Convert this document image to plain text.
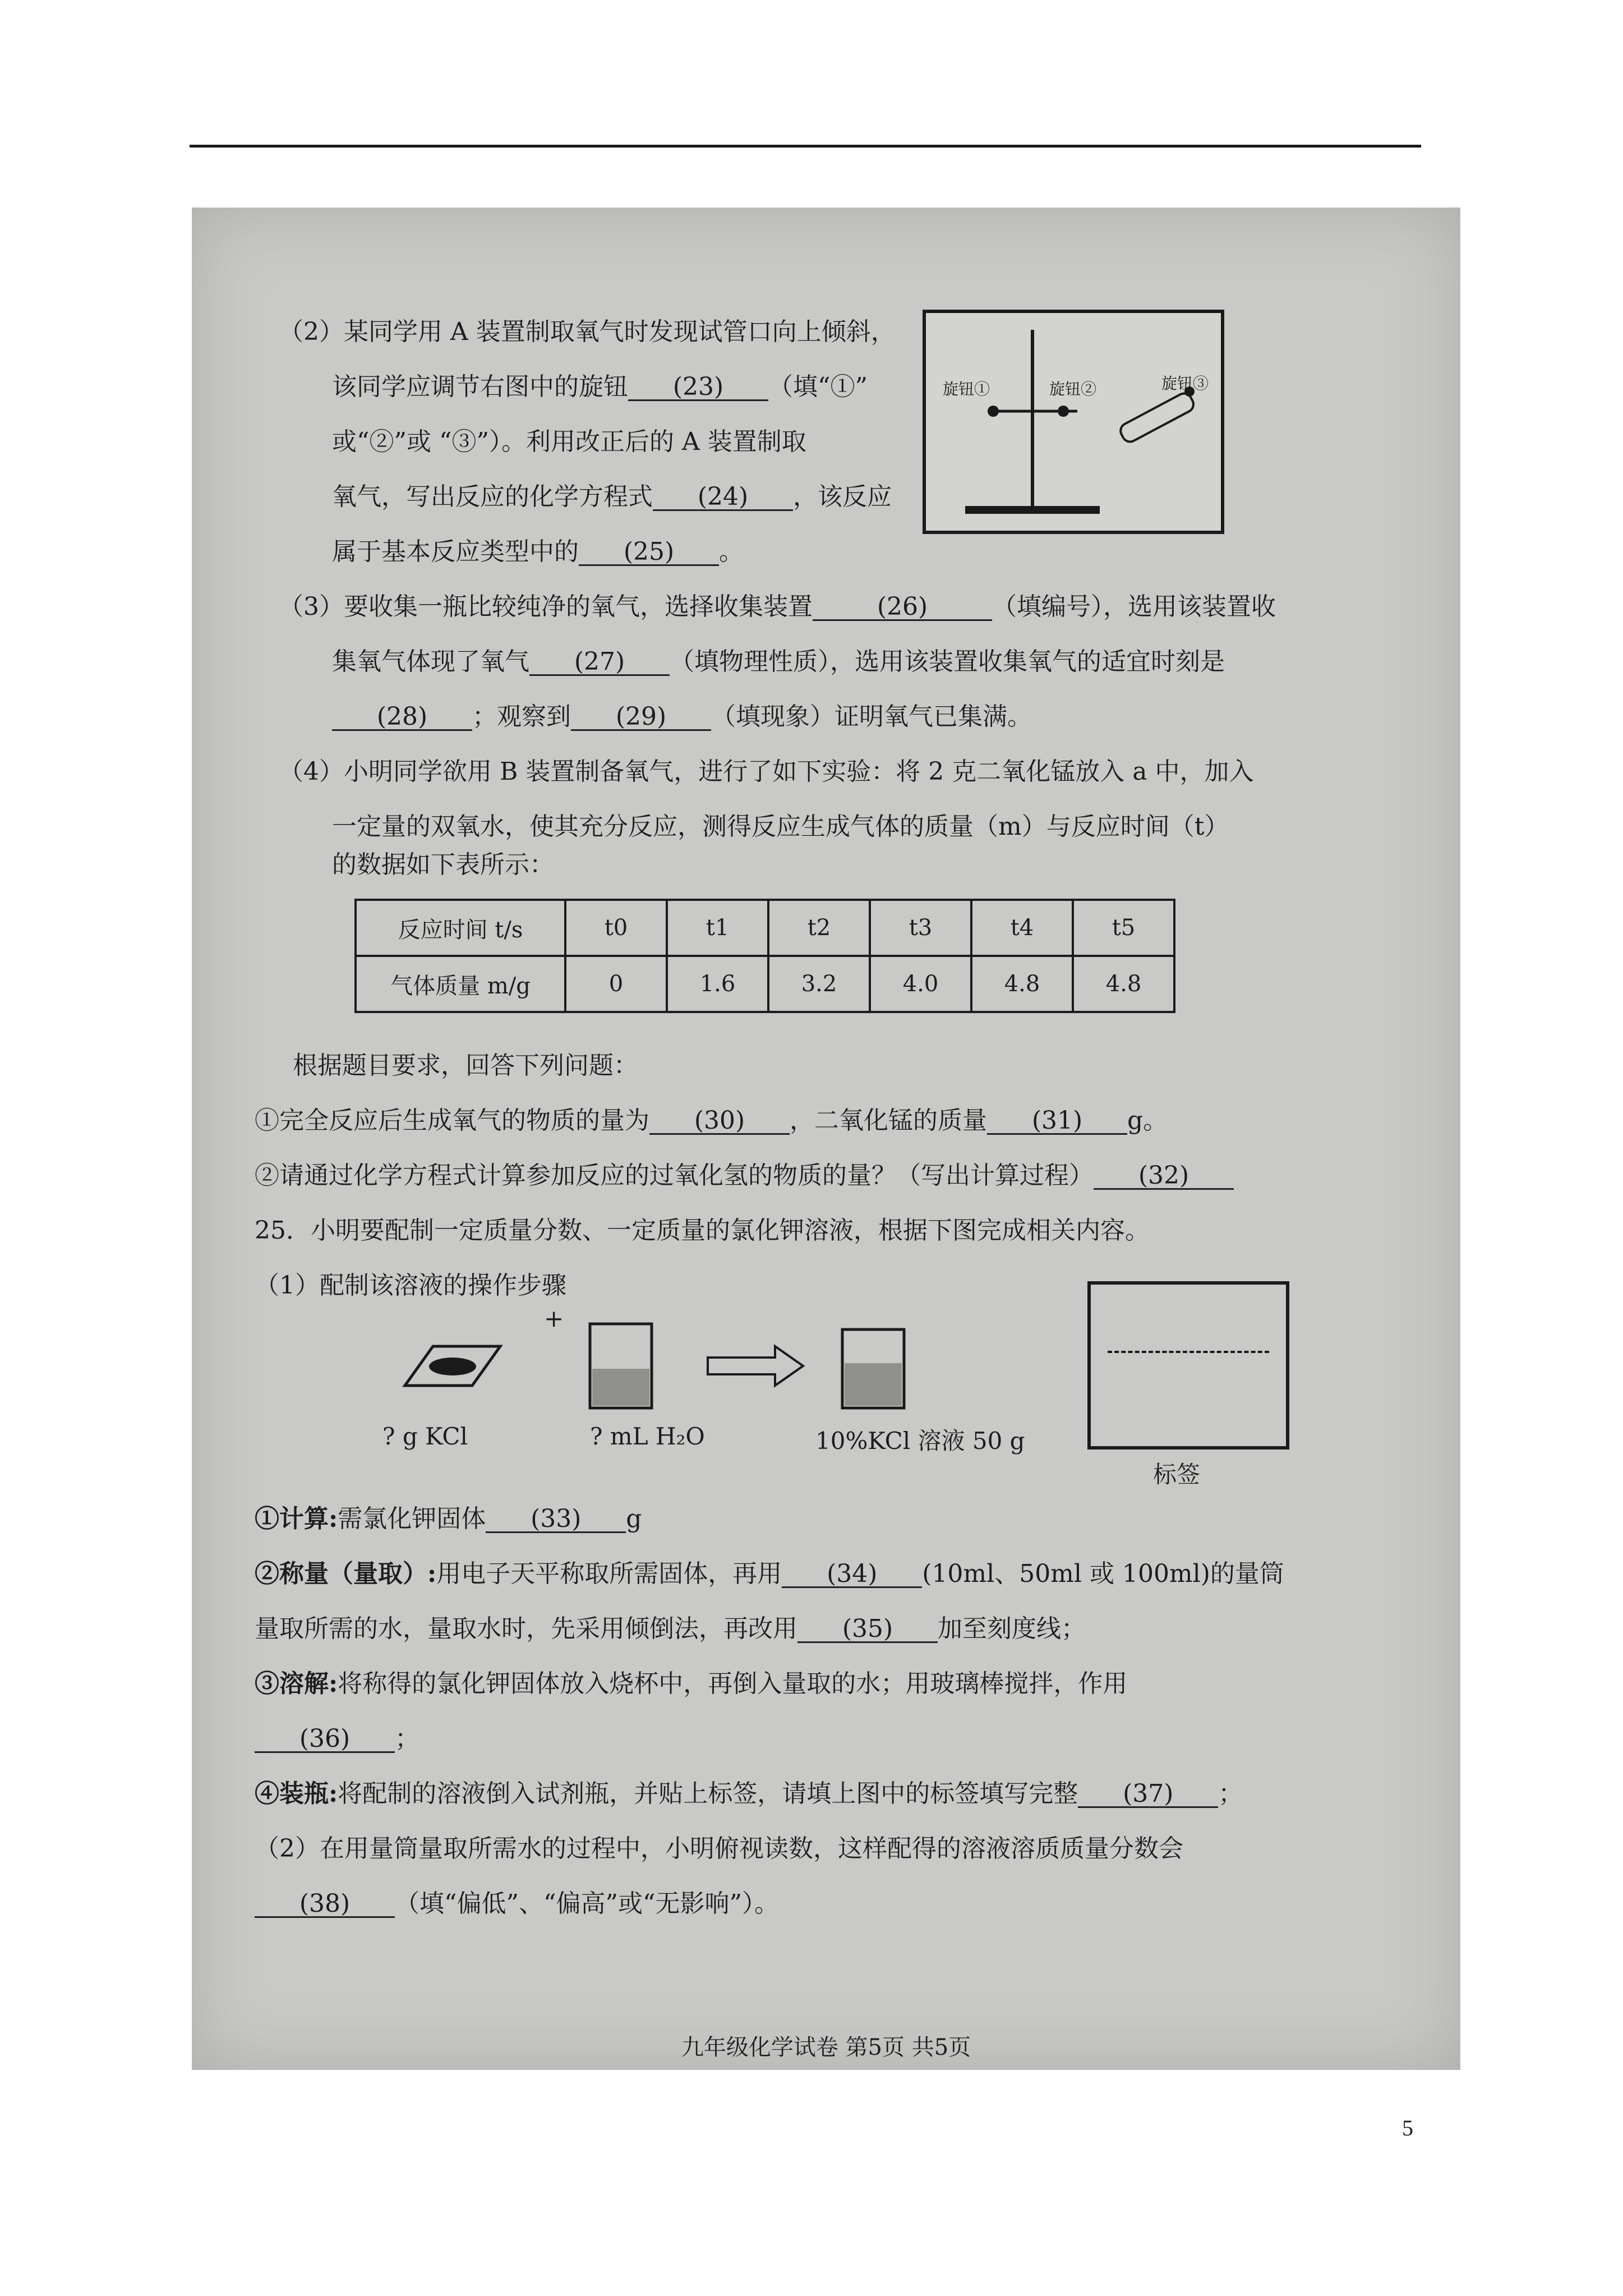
（2）某同学用 A 装置制取氧气时发现试管口向上倾斜，
该同学应调节右图中的旋钮 (23) （填“①”
或“②”或 “③”）。利用改正后的 A 装置制取
氧气，写出反应的化学方程式 (24) ，该反应
属于基本反应类型中的 (25) 。
旋钮①	旋钮②	旋钮③
（3）要收集一瓶比较纯净的氧气，选择收集装置	(26)	（填编号），选用该装置收
集氧气体现了氧气 (27) （填物理性质），选用该装置收集氧气的适宜时刻是
(28) ；观察到 (29) （填现象）证明氧气已集满。
（4）小明同学欲用 B 装置制备氧气，进行了如下实验：将 2 克二氧化锰放入 a 中，加入
一定量的双氧水，使其充分反应，测得反应生成气体的质量（m）与反应时间（t）
的数据如下表所示：
反应时间 t/s	t0	t1	t2	t3	t4	t5
气体质量 m/g	0	1.6	3.2	4.0	4.8	4.8
根据题目要求，回答下列问题：
①完全反应后生成氧气的物质的量为 (30) ，二氧化锰的质量 (31) g。
②请通过化学方程式计算参加反应的过氧化氢的物质的量？（写出计算过程） (32)
25．小明要配制一定质量分数、一定质量的氯化钾溶液，根据下图完成相关内容。
（1）配制该溶液的操作步骤
+
? g KCl	? mL H₂O	10%KCl 溶液 50 g
标签
①计算:需氯化钾固体 (33) g
②称量（量取）:用电子天平称取所需固体，再用 (34) (10ml、50ml 或 100ml)的量筒
量取所需的水，量取水时，先采用倾倒法，再改用 (35) 加至刻度线；
③溶解:将称得的氯化钾固体放入烧杯中，再倒入量取的水；用玻璃棒搅拌，作用
(36) ；
④装瓶:将配制的溶液倒入试剂瓶，并贴上标签，请填上图中的标签填写完整 (37) ；
（2）在用量筒量取所需水的过程中，小明俯视读数，这样配得的溶液溶质质量分数会
(38) （填“偏低”、“偏高”或“无影响”）。
九年级化学试卷 第5页 共5页
5
